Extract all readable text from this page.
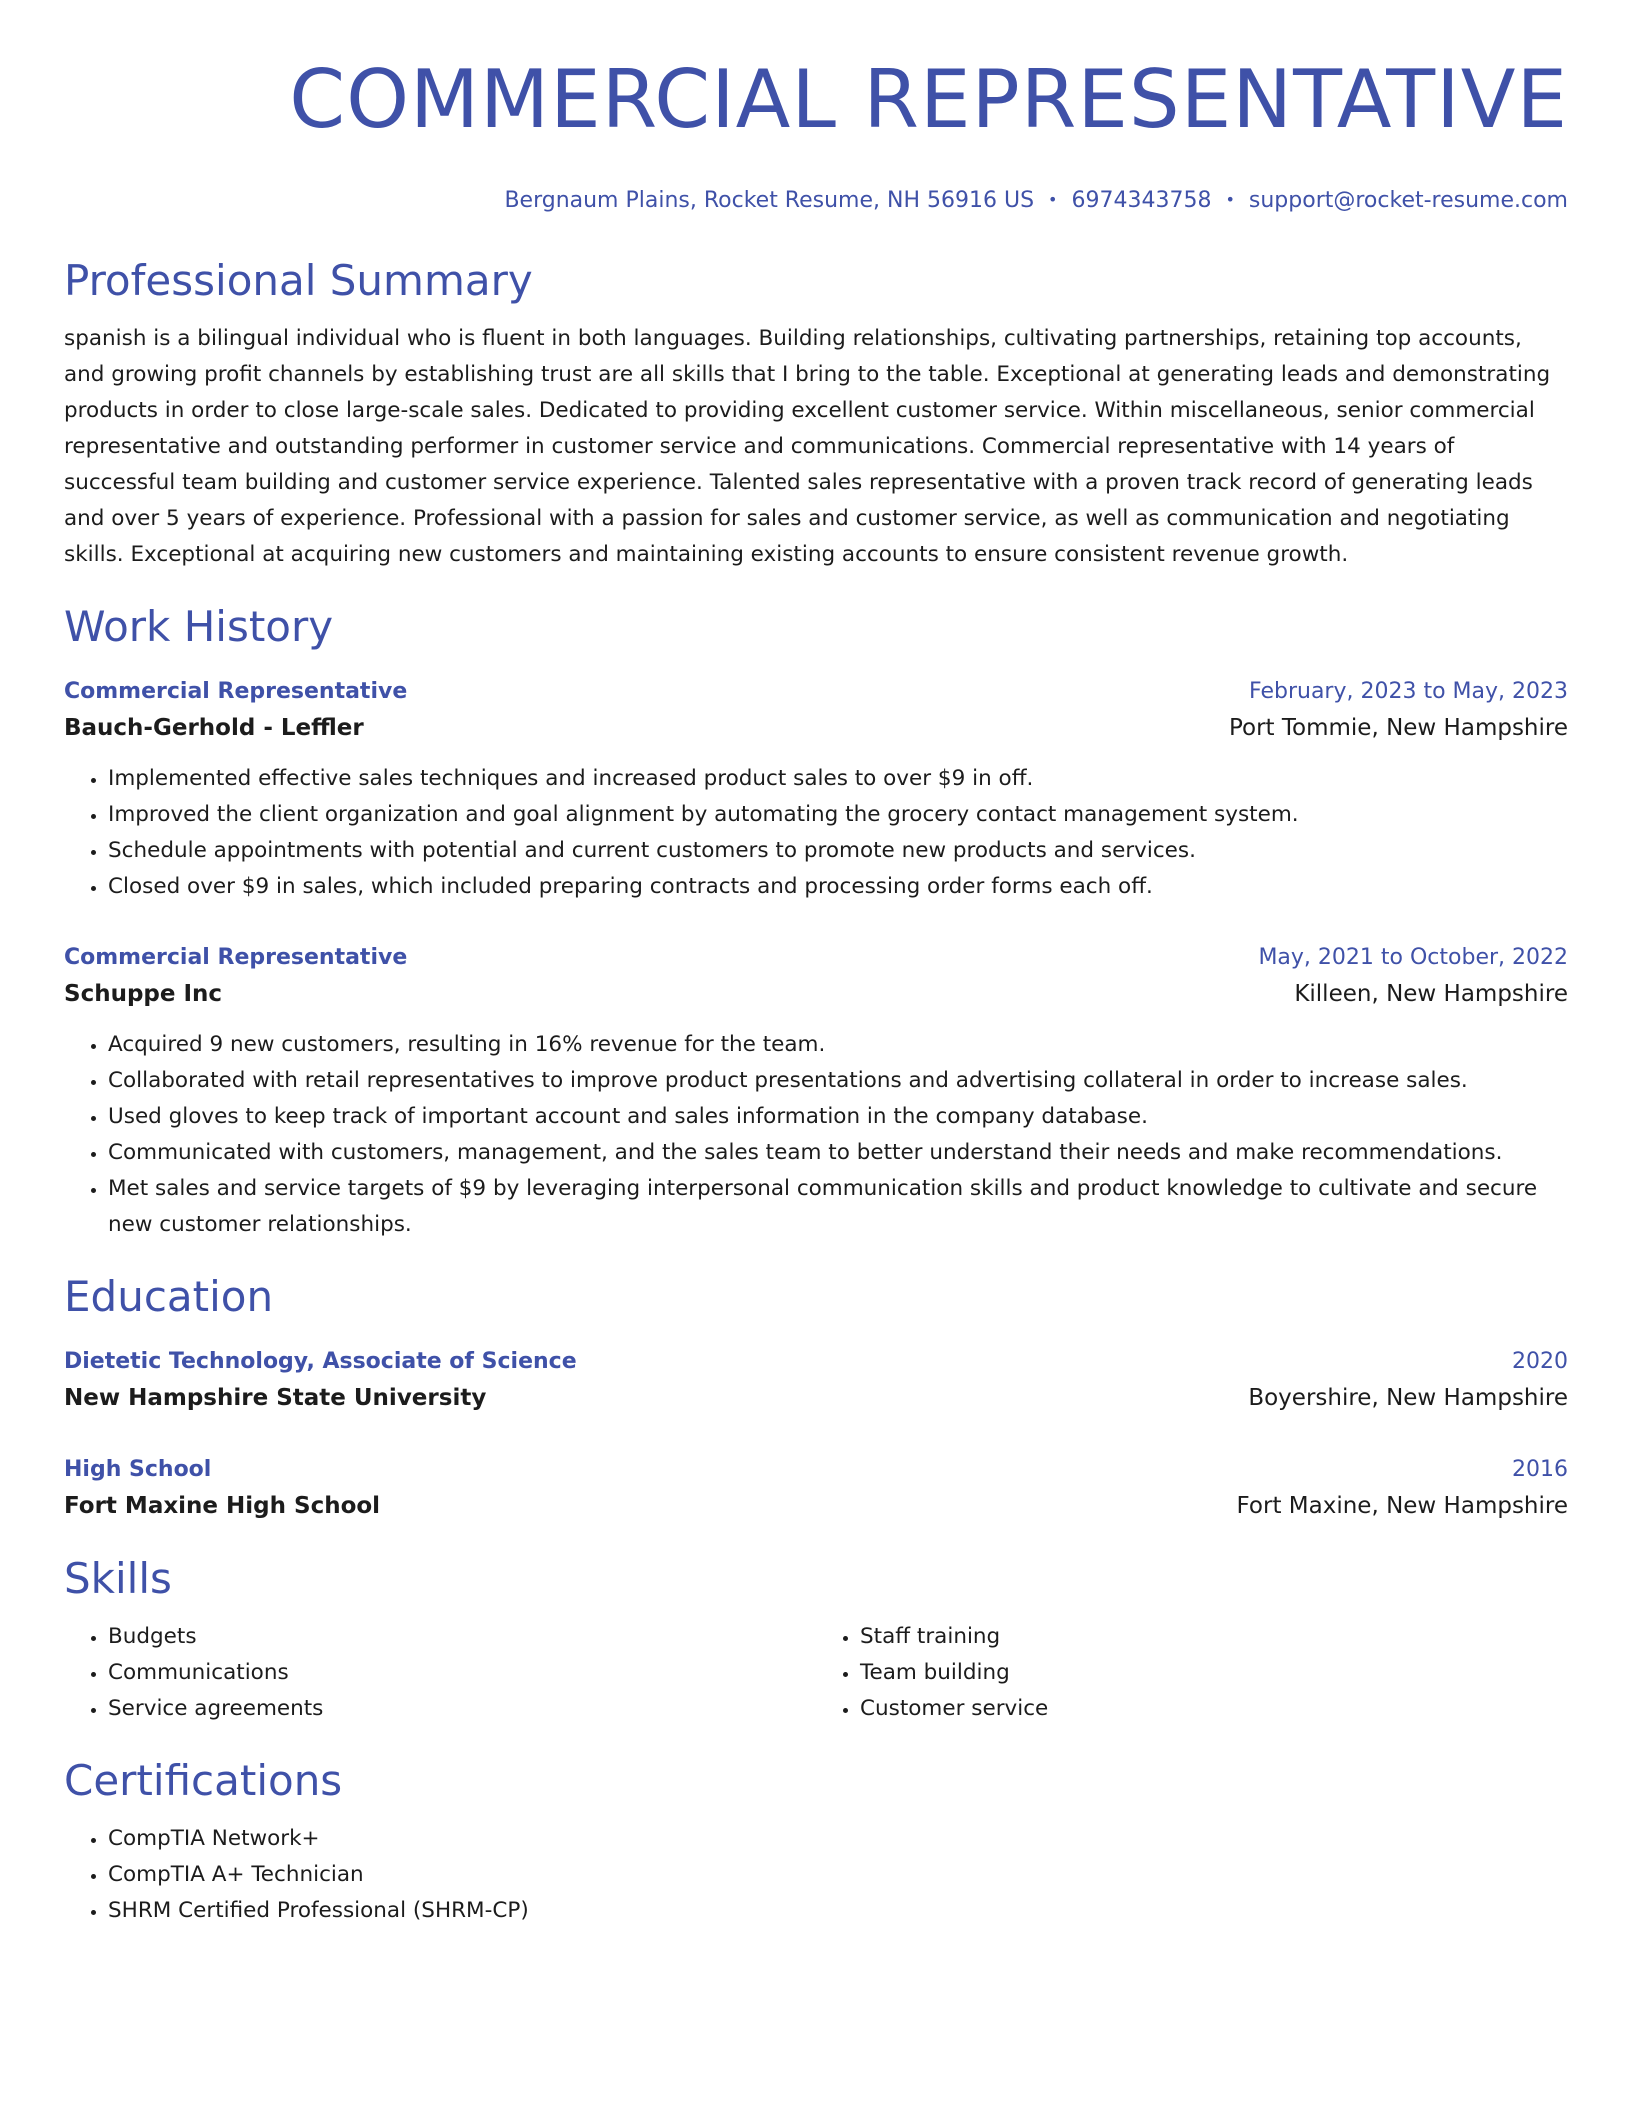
COMMERCIAL REPRESENTATIVE
Bergnaum Plains, Rocket Resume, NH 56916 US • 6974343758 • support@rocket-resume.com
Professional Summary
spanish is a bilingual individual who is fluent in both languages. Building relationships, cultivating partnerships, retaining top accounts, and growing profit channels by establishing trust are all skills that I bring to the table. Exceptional at generating leads and demonstrating products in order to close large-scale sales. Dedicated to providing excellent customer service. Within miscellaneous, senior commercial representative and outstanding performer in customer service and communications. Commercial representative with 14 years of successful team building and customer service experience. Talented sales representative with a proven track record of generating leads and over 5 years of experience. Professional with a passion for sales and customer service, as well as communication and negotiating skills. Exceptional at acquiring new customers and maintaining existing accounts to ensure consistent revenue growth.
Work History
Commercial Representative	February, 2023 to May, 2023
Bauch-Gerhold - Leffler	Port Tommie, New Hampshire
• Implemented effective sales techniques and increased product sales to over $9 in off.
• Improved the client organization and goal alignment by automating the grocery contact management system.
• Schedule appointments with potential and current customers to promote new products and services.
• Closed over $9 in sales, which included preparing contracts and processing order forms each off.
Commercial Representative	May, 2021 to October, 2022
Schuppe Inc	Killeen, New Hampshire
• Acquired 9 new customers, resulting in 16% revenue for the team.
• Collaborated with retail representatives to improve product presentations and advertising collateral in order to increase sales.
• Used gloves to keep track of important account and sales information in the company database.
• Communicated with customers, management, and the sales team to better understand their needs and make recommendations.
• Met sales and service targets of $9 by leveraging interpersonal communication skills and product knowledge to cultivate and secure new customer relationships.
Education
Dietetic Technology, Associate of Science	2020
New Hampshire State University	Boyershire, New Hampshire
High School	2016
Fort Maxine High School	Fort Maxine, New Hampshire
Skills
• Budgets
• Communications
• Service agreements
• Staff training
• Team building
• Customer service
Certifications
• CompTIA Network+
• CompTIA A+ Technician
• SHRM Certified Professional (SHRM-CP)
